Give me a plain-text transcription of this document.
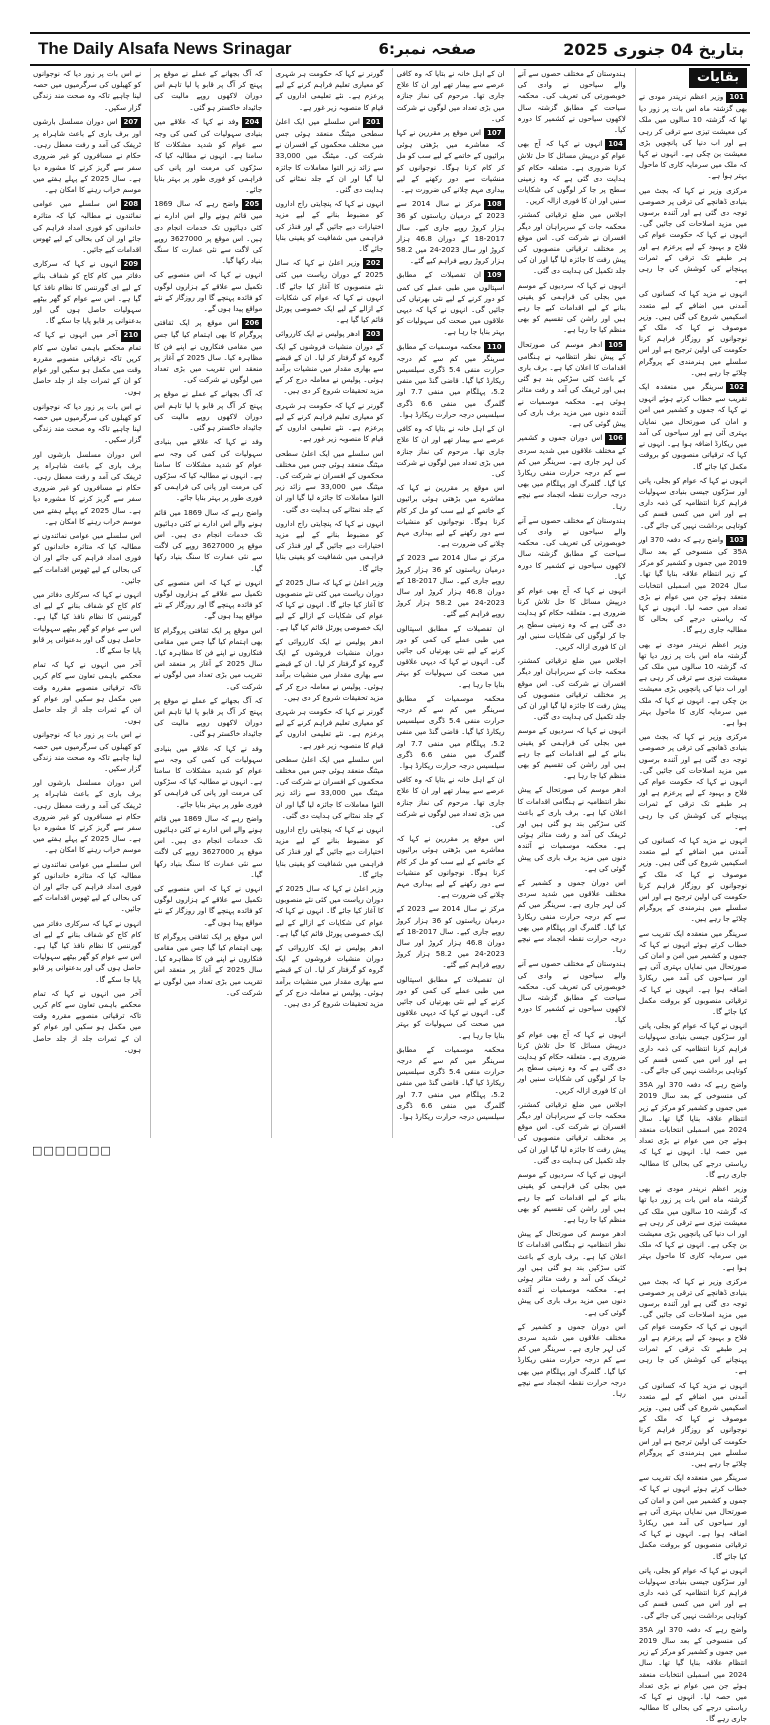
The Daily Alsafa News Srinagar	صفحہ نمبر:6	بتاریخ 04 جنوری 2025
بقایات

101وزیر اعظم نریندر مودی نے بھی گزشتہ ماہ اس بات پر زور دیا تھا کہ گزشتہ 10 سالوں میں ملک کی معیشت تیزی سے ترقی کر رہی ہے اور اب دنیا کی پانچویں بڑی معیشت بن چکی ہے۔ انہوں نے کہا کہ ملک میں سرمایہ کاری کا ماحول بہتر ہوا ہے۔

مرکزی وزیر نے کہا کہ بجٹ میں بنیادی ڈھانچے کی ترقی پر خصوصی توجہ دی گئی ہے اور آئندہ برسوں میں مزید اصلاحات کی جائیں گی۔ انہوں نے کہا کہ حکومت عوام کی فلاح و بہبود کے لیے پرعزم ہے اور ہر طبقے تک ترقی کے ثمرات پہنچانے کی کوشش کی جا رہی ہے۔

انہوں نے مزید کہا کہ کسانوں کی آمدنی میں اضافے کے لیے متعدد اسکیمیں شروع کی گئی ہیں۔ وزیر موصوف نے کہا کہ ملک کے نوجوانوں کو روزگار فراہم کرنا حکومت کی اولین ترجیح ہے اور اس سلسلے میں ہنرمندی کے پروگرام چلائے جا رہے ہیں۔

102سرینگر میں منعقدہ ایک تقریب سے خطاب کرتے ہوئے انہوں نے کہا کہ جموں و کشمیر میں امن و امان کی صورتحال میں نمایاں بہتری آئی ہے اور سیاحوں کی آمد میں ریکارڈ اضافہ ہوا ہے۔ انہوں نے کہا کہ ترقیاتی منصوبوں کو بروقت مکمل کیا جائے گا۔

انہوں نے کہا کہ عوام کو بجلی، پانی اور سڑکوں جیسی بنیادی سہولیات فراہم کرنا انتظامیہ کی ذمہ داری ہے اور اس میں کسی قسم کی کوتاہی برداشت نہیں کی جائے گی۔

103واضح رہے کہ دفعہ 370 اور 35A کی منسوخی کے بعد سال 2019 میں جموں و کشمیر کو مرکز کے زیر انتظام علاقہ بنایا گیا تھا۔ سال 2024 میں اسمبلی انتخابات منعقد ہوئے جن میں عوام نے بڑی تعداد میں حصہ لیا۔ انہوں نے کہا کہ ریاستی درجے کی بحالی کا مطالبہ جاری رہے گا۔

وزیر اعظم نریندر مودی نے بھی گزشتہ ماہ اس بات پر زور دیا تھا کہ گزشتہ 10 سالوں میں ملک کی معیشت تیزی سے ترقی کر رہی ہے اور اب دنیا کی پانچویں بڑی معیشت بن چکی ہے۔ انہوں نے کہا کہ ملک میں سرمایہ کاری کا ماحول بہتر ہوا ہے۔

مرکزی وزیر نے کہا کہ بجٹ میں بنیادی ڈھانچے کی ترقی پر خصوصی توجہ دی گئی ہے اور آئندہ برسوں میں مزید اصلاحات کی جائیں گی۔ انہوں نے کہا کہ حکومت عوام کی فلاح و بہبود کے لیے پرعزم ہے اور ہر طبقے تک ترقی کے ثمرات پہنچانے کی کوشش کی جا رہی ہے۔

انہوں نے مزید کہا کہ کسانوں کی آمدنی میں اضافے کے لیے متعدد اسکیمیں شروع کی گئی ہیں۔ وزیر موصوف نے کہا کہ ملک کے نوجوانوں کو روزگار فراہم کرنا حکومت کی اولین ترجیح ہے اور اس سلسلے میں ہنرمندی کے پروگرام چلائے جا رہے ہیں۔

سرینگر میں منعقدہ ایک تقریب سے خطاب کرتے ہوئے انہوں نے کہا کہ جموں و کشمیر میں امن و امان کی صورتحال میں نمایاں بہتری آئی ہے اور سیاحوں کی آمد میں ریکارڈ اضافہ ہوا ہے۔ انہوں نے کہا کہ ترقیاتی منصوبوں کو بروقت مکمل کیا جائے گا۔

انہوں نے کہا کہ عوام کو بجلی، پانی اور سڑکوں جیسی بنیادی سہولیات فراہم کرنا انتظامیہ کی ذمہ داری ہے اور اس میں کسی قسم کی کوتاہی برداشت نہیں کی جائے گی۔

واضح رہے کہ دفعہ 370 اور 35A کی منسوخی کے بعد سال 2019 میں جموں و کشمیر کو مرکز کے زیر انتظام علاقہ بنایا گیا تھا۔ سال 2024 میں اسمبلی انتخابات منعقد ہوئے جن میں عوام نے بڑی تعداد میں حصہ لیا۔ انہوں نے کہا کہ ریاستی درجے کی بحالی کا مطالبہ جاری رہے گا۔

وزیر اعظم نریندر مودی نے بھی گزشتہ ماہ اس بات پر زور دیا تھا کہ گزشتہ 10 سالوں میں ملک کی معیشت تیزی سے ترقی کر رہی ہے اور اب دنیا کی پانچویں بڑی معیشت بن چکی ہے۔ انہوں نے کہا کہ ملک میں سرمایہ کاری کا ماحول بہتر ہوا ہے۔

مرکزی وزیر نے کہا کہ بجٹ میں بنیادی ڈھانچے کی ترقی پر خصوصی توجہ دی گئی ہے اور آئندہ برسوں میں مزید اصلاحات کی جائیں گی۔ انہوں نے کہا کہ حکومت عوام کی فلاح و بہبود کے لیے پرعزم ہے اور ہر طبقے تک ترقی کے ثمرات پہنچانے کی کوشش کی جا رہی ہے۔

انہوں نے مزید کہا کہ کسانوں کی آمدنی میں اضافے کے لیے متعدد اسکیمیں شروع کی گئی ہیں۔ وزیر موصوف نے کہا کہ ملک کے نوجوانوں کو روزگار فراہم کرنا حکومت کی اولین ترجیح ہے اور اس سلسلے میں ہنرمندی کے پروگرام چلائے جا رہے ہیں۔

سرینگر میں منعقدہ ایک تقریب سے خطاب کرتے ہوئے انہوں نے کہا کہ جموں و کشمیر میں امن و امان کی صورتحال میں نمایاں بہتری آئی ہے اور سیاحوں کی آمد میں ریکارڈ اضافہ ہوا ہے۔ انہوں نے کہا کہ ترقیاتی منصوبوں کو بروقت مکمل کیا جائے گا۔

انہوں نے کہا کہ عوام کو بجلی، پانی اور سڑکوں جیسی بنیادی سہولیات فراہم کرنا انتظامیہ کی ذمہ داری ہے اور اس میں کسی قسم کی کوتاہی برداشت نہیں کی جائے گی۔

واضح رہے کہ دفعہ 370 اور 35A کی منسوخی کے بعد سال 2019 میں جموں و کشمیر کو مرکز کے زیر انتظام علاقہ بنایا گیا تھا۔ سال 2024 میں اسمبلی انتخابات منعقد ہوئے جن میں عوام نے بڑی تعداد میں حصہ لیا۔ انہوں نے کہا کہ ریاستی درجے کی بحالی کا مطالبہ جاری رہے گا۔

ہندوستان کے مختلف حصوں سے آنے والے سیاحوں نے وادی کی خوبصورتی کی تعریف کی۔ محکمہ سیاحت کے مطابق گزشتہ سال لاکھوں سیاحوں نے کشمیر کا دورہ کیا۔

104انہوں نے کہا کہ آج بھی عوام کو درپیش مسائل کا حل تلاش کرنا ضروری ہے۔ متعلقہ حکام کو ہدایت دی گئی ہے کہ وہ زمینی سطح پر جا کر لوگوں کی شکایات سنیں اور ان کا فوری ازالہ کریں۔

اجلاس میں ضلع ترقیاتی کمشنر، محکمہ جات کے سربراہان اور دیگر افسران نے شرکت کی۔ اس موقع پر مختلف ترقیاتی منصوبوں کی پیش رفت کا جائزہ لیا گیا اور ان کی جلد تکمیل کی ہدایت دی گئی۔

انہوں نے کہا کہ سردیوں کے موسم میں بجلی کی فراہمی کو یقینی بنانے کے لیے اقدامات کیے جا رہے ہیں اور راشن کی تقسیم کو بھی منظم کیا جا رہا ہے۔

105ادھر موسم کی صورتحال کے پیش نظر انتظامیہ نے ہنگامی اقدامات کا اعلان کیا ہے۔ برف باری کے باعث کئی سڑکیں بند ہو گئی ہیں اور ٹریفک کی آمد و رفت متاثر ہوئی ہے۔ محکمہ موسمیات نے آئندہ دنوں میں مزید برف باری کی پیش گوئی کی ہے۔

106اس دوران جموں و کشمیر کے مختلف علاقوں میں شدید سردی کی لہر جاری ہے۔ سرینگر میں کم سے کم درجہ حرارت منفی ریکارڈ کیا گیا۔ گلمرگ اور پہلگام میں بھی درجہ حرارت نقطہ انجماد سے نیچے رہا۔

ہندوستان کے مختلف حصوں سے آنے والے سیاحوں نے وادی کی خوبصورتی کی تعریف کی۔ محکمہ سیاحت کے مطابق گزشتہ سال لاکھوں سیاحوں نے کشمیر کا دورہ کیا۔

انہوں نے کہا کہ آج بھی عوام کو درپیش مسائل کا حل تلاش کرنا ضروری ہے۔ متعلقہ حکام کو ہدایت دی گئی ہے کہ وہ زمینی سطح پر جا کر لوگوں کی شکایات سنیں اور ان کا فوری ازالہ کریں۔

اجلاس میں ضلع ترقیاتی کمشنر، محکمہ جات کے سربراہان اور دیگر افسران نے شرکت کی۔ اس موقع پر مختلف ترقیاتی منصوبوں کی پیش رفت کا جائزہ لیا گیا اور ان کی جلد تکمیل کی ہدایت دی گئی۔

انہوں نے کہا کہ سردیوں کے موسم میں بجلی کی فراہمی کو یقینی بنانے کے لیے اقدامات کیے جا رہے ہیں اور راشن کی تقسیم کو بھی منظم کیا جا رہا ہے۔

ادھر موسم کی صورتحال کے پیش نظر انتظامیہ نے ہنگامی اقدامات کا اعلان کیا ہے۔ برف باری کے باعث کئی سڑکیں بند ہو گئی ہیں اور ٹریفک کی آمد و رفت متاثر ہوئی ہے۔ محکمہ موسمیات نے آئندہ دنوں میں مزید برف باری کی پیش گوئی کی ہے۔

اس دوران جموں و کشمیر کے مختلف علاقوں میں شدید سردی کی لہر جاری ہے۔ سرینگر میں کم سے کم درجہ حرارت منفی ریکارڈ کیا گیا۔ گلمرگ اور پہلگام میں بھی درجہ حرارت نقطہ انجماد سے نیچے رہا۔

ہندوستان کے مختلف حصوں سے آنے والے سیاحوں نے وادی کی خوبصورتی کی تعریف کی۔ محکمہ سیاحت کے مطابق گزشتہ سال لاکھوں سیاحوں نے کشمیر کا دورہ کیا۔

انہوں نے کہا کہ آج بھی عوام کو درپیش مسائل کا حل تلاش کرنا ضروری ہے۔ متعلقہ حکام کو ہدایت دی گئی ہے کہ وہ زمینی سطح پر جا کر لوگوں کی شکایات سنیں اور ان کا فوری ازالہ کریں۔

اجلاس میں ضلع ترقیاتی کمشنر، محکمہ جات کے سربراہان اور دیگر افسران نے شرکت کی۔ اس موقع پر مختلف ترقیاتی منصوبوں کی پیش رفت کا جائزہ لیا گیا اور ان کی جلد تکمیل کی ہدایت دی گئی۔

انہوں نے کہا کہ سردیوں کے موسم میں بجلی کی فراہمی کو یقینی بنانے کے لیے اقدامات کیے جا رہے ہیں اور راشن کی تقسیم کو بھی منظم کیا جا رہا ہے۔

ادھر موسم کی صورتحال کے پیش نظر انتظامیہ نے ہنگامی اقدامات کا اعلان کیا ہے۔ برف باری کے باعث کئی سڑکیں بند ہو گئی ہیں اور ٹریفک کی آمد و رفت متاثر ہوئی ہے۔ محکمہ موسمیات نے آئندہ دنوں میں مزید برف باری کی پیش گوئی کی ہے۔

اس دوران جموں و کشمیر کے مختلف علاقوں میں شدید سردی کی لہر جاری ہے۔ سرینگر میں کم سے کم درجہ حرارت منفی ریکارڈ کیا گیا۔ گلمرگ اور پہلگام میں بھی درجہ حرارت نقطہ انجماد سے نیچے رہا۔

ان کے اہل خانہ نے بتایا کہ وہ کافی عرصے سے بیمار تھے اور ان کا علاج جاری تھا۔ مرحوم کی نماز جنازہ میں بڑی تعداد میں لوگوں نے شرکت کی۔

107اس موقع پر مقررین نے کہا کہ معاشرے میں بڑھتی ہوئی برائیوں کے خاتمے کے لیے سب کو مل کر کام کرنا ہوگا۔ نوجوانوں کو منشیات سے دور رکھنے کے لیے بیداری مہم چلانے کی ضرورت ہے۔

108مرکز نے سال 2014 سے 2023 کے درمیان ریاستوں کو 36 ہزار کروڑ روپے جاری کیے۔ سال 2017-18 کے دوران 46.8 ہزار کروڑ اور سال 2023-24 میں 58.2 ہزار کروڑ روپے فراہم کیے گئے۔

109ان تفصیلات کے مطابق اسپتالوں میں طبی عملے کی کمی کو دور کرنے کے لیے نئی بھرتیاں کی جائیں گی۔ انہوں نے کہا کہ دیہی علاقوں میں صحت کی سہولیات کو بہتر بنایا جا رہا ہے۔

110محکمہ موسمیات کے مطابق سرینگر میں کم سے کم درجہ حرارت منفی 5.4 ڈگری سیلسیس ریکارڈ کیا گیا۔ قاضی گنڈ میں منفی 5.2، پہلگام میں منفی 7.7 اور گلمرگ میں منفی 6.6 ڈگری سیلسیس درجہ حرارت ریکارڈ ہوا۔

ان کے اہل خانہ نے بتایا کہ وہ کافی عرصے سے بیمار تھے اور ان کا علاج جاری تھا۔ مرحوم کی نماز جنازہ میں بڑی تعداد میں لوگوں نے شرکت کی۔

اس موقع پر مقررین نے کہا کہ معاشرے میں بڑھتی ہوئی برائیوں کے خاتمے کے لیے سب کو مل کر کام کرنا ہوگا۔ نوجوانوں کو منشیات سے دور رکھنے کے لیے بیداری مہم چلانے کی ضرورت ہے۔

مرکز نے سال 2014 سے 2023 کے درمیان ریاستوں کو 36 ہزار کروڑ روپے جاری کیے۔ سال 2017-18 کے دوران 46.8 ہزار کروڑ اور سال 2023-24 میں 58.2 ہزار کروڑ روپے فراہم کیے گئے۔

ان تفصیلات کے مطابق اسپتالوں میں طبی عملے کی کمی کو دور کرنے کے لیے نئی بھرتیاں کی جائیں گی۔ انہوں نے کہا کہ دیہی علاقوں میں صحت کی سہولیات کو بہتر بنایا جا رہا ہے۔

محکمہ موسمیات کے مطابق سرینگر میں کم سے کم درجہ حرارت منفی 5.4 ڈگری سیلسیس ریکارڈ کیا گیا۔ قاضی گنڈ میں منفی 5.2، پہلگام میں منفی 7.7 اور گلمرگ میں منفی 6.6 ڈگری سیلسیس درجہ حرارت ریکارڈ ہوا۔

ان کے اہل خانہ نے بتایا کہ وہ کافی عرصے سے بیمار تھے اور ان کا علاج جاری تھا۔ مرحوم کی نماز جنازہ میں بڑی تعداد میں لوگوں نے شرکت کی۔

اس موقع پر مقررین نے کہا کہ معاشرے میں بڑھتی ہوئی برائیوں کے خاتمے کے لیے سب کو مل کر کام کرنا ہوگا۔ نوجوانوں کو منشیات سے دور رکھنے کے لیے بیداری مہم چلانے کی ضرورت ہے۔

مرکز نے سال 2014 سے 2023 کے درمیان ریاستوں کو 36 ہزار کروڑ روپے جاری کیے۔ سال 2017-18 کے دوران 46.8 ہزار کروڑ اور سال 2023-24 میں 58.2 ہزار کروڑ روپے فراہم کیے گئے۔

ان تفصیلات کے مطابق اسپتالوں میں طبی عملے کی کمی کو دور کرنے کے لیے نئی بھرتیاں کی جائیں گی۔ انہوں نے کہا کہ دیہی علاقوں میں صحت کی سہولیات کو بہتر بنایا جا رہا ہے۔

محکمہ موسمیات کے مطابق سرینگر میں کم سے کم درجہ حرارت منفی 5.4 ڈگری سیلسیس ریکارڈ کیا گیا۔ قاضی گنڈ میں منفی 5.2، پہلگام میں منفی 7.7 اور گلمرگ میں منفی 6.6 ڈگری سیلسیس درجہ حرارت ریکارڈ ہوا۔

گورنر نے کہا کہ حکومت ہر شہری کو معیاری تعلیم فراہم کرنے کے لیے پرعزم ہے۔ نئے تعلیمی اداروں کے قیام کا منصوبہ زیر غور ہے۔

201اس سلسلے میں ایک اعلیٰ سطحی میٹنگ منعقد ہوئی جس میں مختلف محکموں کے افسران نے شرکت کی۔ میٹنگ میں 33,000 سے زائد زیر التوا معاملات کا جائزہ لیا گیا اور ان کے جلد نمٹانے کی ہدایت دی گئی۔

انہوں نے کہا کہ پنچایتی راج اداروں کو مضبوط بنانے کے لیے مزید اختیارات دیے جائیں گے اور فنڈز کی فراہمی میں شفافیت کو یقینی بنایا جائے گا۔

202وزیر اعلیٰ نے کہا کہ سال 2025 کے دوران ریاست میں کئی نئے منصوبوں کا آغاز کیا جائے گا۔ انہوں نے کہا کہ عوام کی شکایات کے ازالے کے لیے ایک خصوصی پورٹل قائم کیا گیا ہے۔

203ادھر پولیس نے ایک کارروائی کے دوران منشیات فروشوں کے ایک گروہ کو گرفتار کر لیا۔ ان کے قبضے سے بھاری مقدار میں منشیات برآمد ہوئی۔ پولیس نے معاملہ درج کر کے مزید تحقیقات شروع کر دی ہیں۔

گورنر نے کہا کہ حکومت ہر شہری کو معیاری تعلیم فراہم کرنے کے لیے پرعزم ہے۔ نئے تعلیمی اداروں کے قیام کا منصوبہ زیر غور ہے۔

اس سلسلے میں ایک اعلیٰ سطحی میٹنگ منعقد ہوئی جس میں مختلف محکموں کے افسران نے شرکت کی۔ میٹنگ میں 33,000 سے زائد زیر التوا معاملات کا جائزہ لیا گیا اور ان کے جلد نمٹانے کی ہدایت دی گئی۔

انہوں نے کہا کہ پنچایتی راج اداروں کو مضبوط بنانے کے لیے مزید اختیارات دیے جائیں گے اور فنڈز کی فراہمی میں شفافیت کو یقینی بنایا جائے گا۔

وزیر اعلیٰ نے کہا کہ سال 2025 کے دوران ریاست میں کئی نئے منصوبوں کا آغاز کیا جائے گا۔ انہوں نے کہا کہ عوام کی شکایات کے ازالے کے لیے ایک خصوصی پورٹل قائم کیا گیا ہے۔

ادھر پولیس نے ایک کارروائی کے دوران منشیات فروشوں کے ایک گروہ کو گرفتار کر لیا۔ ان کے قبضے سے بھاری مقدار میں منشیات برآمد ہوئی۔ پولیس نے معاملہ درج کر کے مزید تحقیقات شروع کر دی ہیں۔

گورنر نے کہا کہ حکومت ہر شہری کو معیاری تعلیم فراہم کرنے کے لیے پرعزم ہے۔ نئے تعلیمی اداروں کے قیام کا منصوبہ زیر غور ہے۔

اس سلسلے میں ایک اعلیٰ سطحی میٹنگ منعقد ہوئی جس میں مختلف محکموں کے افسران نے شرکت کی۔ میٹنگ میں 33,000 سے زائد زیر التوا معاملات کا جائزہ لیا گیا اور ان کے جلد نمٹانے کی ہدایت دی گئی۔

انہوں نے کہا کہ پنچایتی راج اداروں کو مضبوط بنانے کے لیے مزید اختیارات دیے جائیں گے اور فنڈز کی فراہمی میں شفافیت کو یقینی بنایا جائے گا۔

وزیر اعلیٰ نے کہا کہ سال 2025 کے دوران ریاست میں کئی نئے منصوبوں کا آغاز کیا جائے گا۔ انہوں نے کہا کہ عوام کی شکایات کے ازالے کے لیے ایک خصوصی پورٹل قائم کیا گیا ہے۔

ادھر پولیس نے ایک کارروائی کے دوران منشیات فروشوں کے ایک گروہ کو گرفتار کر لیا۔ ان کے قبضے سے بھاری مقدار میں منشیات برآمد ہوئی۔ پولیس نے معاملہ درج کر کے مزید تحقیقات شروع کر دی ہیں۔

کہ آگ بجھانے کے عملے نے موقع پر پہنچ کر آگ پر قابو پا لیا تاہم اس دوران لاکھوں روپے مالیت کی جائیداد خاکستر ہو گئی۔

204وفد نے کہا کہ علاقے میں بنیادی سہولیات کی کمی کی وجہ سے عوام کو شدید مشکلات کا سامنا ہے۔ انہوں نے مطالبہ کیا کہ سڑکوں کی مرمت اور پانی کی فراہمی کو فوری طور پر بہتر بنایا جائے۔

205واضح رہے کہ سال 1869 میں قائم ہونے والے اس ادارے نے کئی دہائیوں تک خدمات انجام دی ہیں۔ اس موقع پر 3627000 روپے کی لاگت سے نئی عمارت کا سنگ بنیاد رکھا گیا۔

انہوں نے کہا کہ اس منصوبے کی تکمیل سے علاقے کے ہزاروں لوگوں کو فائدہ پہنچے گا اور روزگار کے نئے مواقع پیدا ہوں گے۔

206اس موقع پر ایک ثقافتی پروگرام کا بھی اہتمام کیا گیا جس میں مقامی فنکاروں نے اپنے فن کا مظاہرہ کیا۔ سال 2025 کے آغاز پر منعقد اس تقریب میں بڑی تعداد میں لوگوں نے شرکت کی۔

کہ آگ بجھانے کے عملے نے موقع پر پہنچ کر آگ پر قابو پا لیا تاہم اس دوران لاکھوں روپے مالیت کی جائیداد خاکستر ہو گئی۔

وفد نے کہا کہ علاقے میں بنیادی سہولیات کی کمی کی وجہ سے عوام کو شدید مشکلات کا سامنا ہے۔ انہوں نے مطالبہ کیا کہ سڑکوں کی مرمت اور پانی کی فراہمی کو فوری طور پر بہتر بنایا جائے۔

واضح رہے کہ سال 1869 میں قائم ہونے والے اس ادارے نے کئی دہائیوں تک خدمات انجام دی ہیں۔ اس موقع پر 3627000 روپے کی لاگت سے نئی عمارت کا سنگ بنیاد رکھا گیا۔

انہوں نے کہا کہ اس منصوبے کی تکمیل سے علاقے کے ہزاروں لوگوں کو فائدہ پہنچے گا اور روزگار کے نئے مواقع پیدا ہوں گے۔

اس موقع پر ایک ثقافتی پروگرام کا بھی اہتمام کیا گیا جس میں مقامی فنکاروں نے اپنے فن کا مظاہرہ کیا۔ سال 2025 کے آغاز پر منعقد اس تقریب میں بڑی تعداد میں لوگوں نے شرکت کی۔

کہ آگ بجھانے کے عملے نے موقع پر پہنچ کر آگ پر قابو پا لیا تاہم اس دوران لاکھوں روپے مالیت کی جائیداد خاکستر ہو گئی۔

وفد نے کہا کہ علاقے میں بنیادی سہولیات کی کمی کی وجہ سے عوام کو شدید مشکلات کا سامنا ہے۔ انہوں نے مطالبہ کیا کہ سڑکوں کی مرمت اور پانی کی فراہمی کو فوری طور پر بہتر بنایا جائے۔

واضح رہے کہ سال 1869 میں قائم ہونے والے اس ادارے نے کئی دہائیوں تک خدمات انجام دی ہیں۔ اس موقع پر 3627000 روپے کی لاگت سے نئی عمارت کا سنگ بنیاد رکھا گیا۔

انہوں نے کہا کہ اس منصوبے کی تکمیل سے علاقے کے ہزاروں لوگوں کو فائدہ پہنچے گا اور روزگار کے نئے مواقع پیدا ہوں گے۔

اس موقع پر ایک ثقافتی پروگرام کا بھی اہتمام کیا گیا جس میں مقامی فنکاروں نے اپنے فن کا مظاہرہ کیا۔ سال 2025 کے آغاز پر منعقد اس تقریب میں بڑی تعداد میں لوگوں نے شرکت کی۔

نے اس بات پر زور دیا کہ نوجوانوں کو کھیلوں کی سرگرمیوں میں حصہ لینا چاہیے تاکہ وہ صحت مند زندگی گزار سکیں۔

207اس دوران مسلسل بارشوں اور برف باری کے باعث شاہراہ پر ٹریفک کی آمد و رفت معطل رہی۔ حکام نے مسافروں کو غیر ضروری سفر سے گریز کرنے کا مشورہ دیا ہے۔ سال 2025 کے پہلے ہفتے میں موسم خراب رہنے کا امکان ہے۔

208اس سلسلے میں عوامی نمائندوں نے مطالبہ کیا کہ متاثرہ خاندانوں کو فوری امداد فراہم کی جائے اور ان کی بحالی کے لیے ٹھوس اقدامات کیے جائیں۔

209انہوں نے کہا کہ سرکاری دفاتر میں کام کاج کو شفاف بنانے کے لیے ای گورننس کا نظام نافذ کیا گیا ہے۔ اس سے عوام کو گھر بیٹھے سہولیات حاصل ہوں گی اور بدعنوانی پر قابو پایا جا سکے گا۔

210آخر میں انہوں نے کہا کہ تمام محکمے باہمی تعاون سے کام کریں تاکہ ترقیاتی منصوبے مقررہ وقت میں مکمل ہو سکیں اور عوام کو ان کے ثمرات جلد از جلد حاصل ہوں۔

نے اس بات پر زور دیا کہ نوجوانوں کو کھیلوں کی سرگرمیوں میں حصہ لینا چاہیے تاکہ وہ صحت مند زندگی گزار سکیں۔

اس دوران مسلسل بارشوں اور برف باری کے باعث شاہراہ پر ٹریفک کی آمد و رفت معطل رہی۔ حکام نے مسافروں کو غیر ضروری سفر سے گریز کرنے کا مشورہ دیا ہے۔ سال 2025 کے پہلے ہفتے میں موسم خراب رہنے کا امکان ہے۔

اس سلسلے میں عوامی نمائندوں نے مطالبہ کیا کہ متاثرہ خاندانوں کو فوری امداد فراہم کی جائے اور ان کی بحالی کے لیے ٹھوس اقدامات کیے جائیں۔

انہوں نے کہا کہ سرکاری دفاتر میں کام کاج کو شفاف بنانے کے لیے ای گورننس کا نظام نافذ کیا گیا ہے۔ اس سے عوام کو گھر بیٹھے سہولیات حاصل ہوں گی اور بدعنوانی پر قابو پایا جا سکے گا۔

آخر میں انہوں نے کہا کہ تمام محکمے باہمی تعاون سے کام کریں تاکہ ترقیاتی منصوبے مقررہ وقت میں مکمل ہو سکیں اور عوام کو ان کے ثمرات جلد از جلد حاصل ہوں۔

نے اس بات پر زور دیا کہ نوجوانوں کو کھیلوں کی سرگرمیوں میں حصہ لینا چاہیے تاکہ وہ صحت مند زندگی گزار سکیں۔

اس دوران مسلسل بارشوں اور برف باری کے باعث شاہراہ پر ٹریفک کی آمد و رفت معطل رہی۔ حکام نے مسافروں کو غیر ضروری سفر سے گریز کرنے کا مشورہ دیا ہے۔ سال 2025 کے پہلے ہفتے میں موسم خراب رہنے کا امکان ہے۔

اس سلسلے میں عوامی نمائندوں نے مطالبہ کیا کہ متاثرہ خاندانوں کو فوری امداد فراہم کی جائے اور ان کی بحالی کے لیے ٹھوس اقدامات کیے جائیں۔

انہوں نے کہا کہ سرکاری دفاتر میں کام کاج کو شفاف بنانے کے لیے ای گورننس کا نظام نافذ کیا گیا ہے۔ اس سے عوام کو گھر بیٹھے سہولیات حاصل ہوں گی اور بدعنوانی پر قابو پایا جا سکے گا۔

آخر میں انہوں نے کہا کہ تمام محکمے باہمی تعاون سے کام کریں تاکہ ترقیاتی منصوبے مقررہ وقت میں مکمل ہو سکیں اور عوام کو ان کے ثمرات جلد از جلد حاصل ہوں۔

□□□□□□□
